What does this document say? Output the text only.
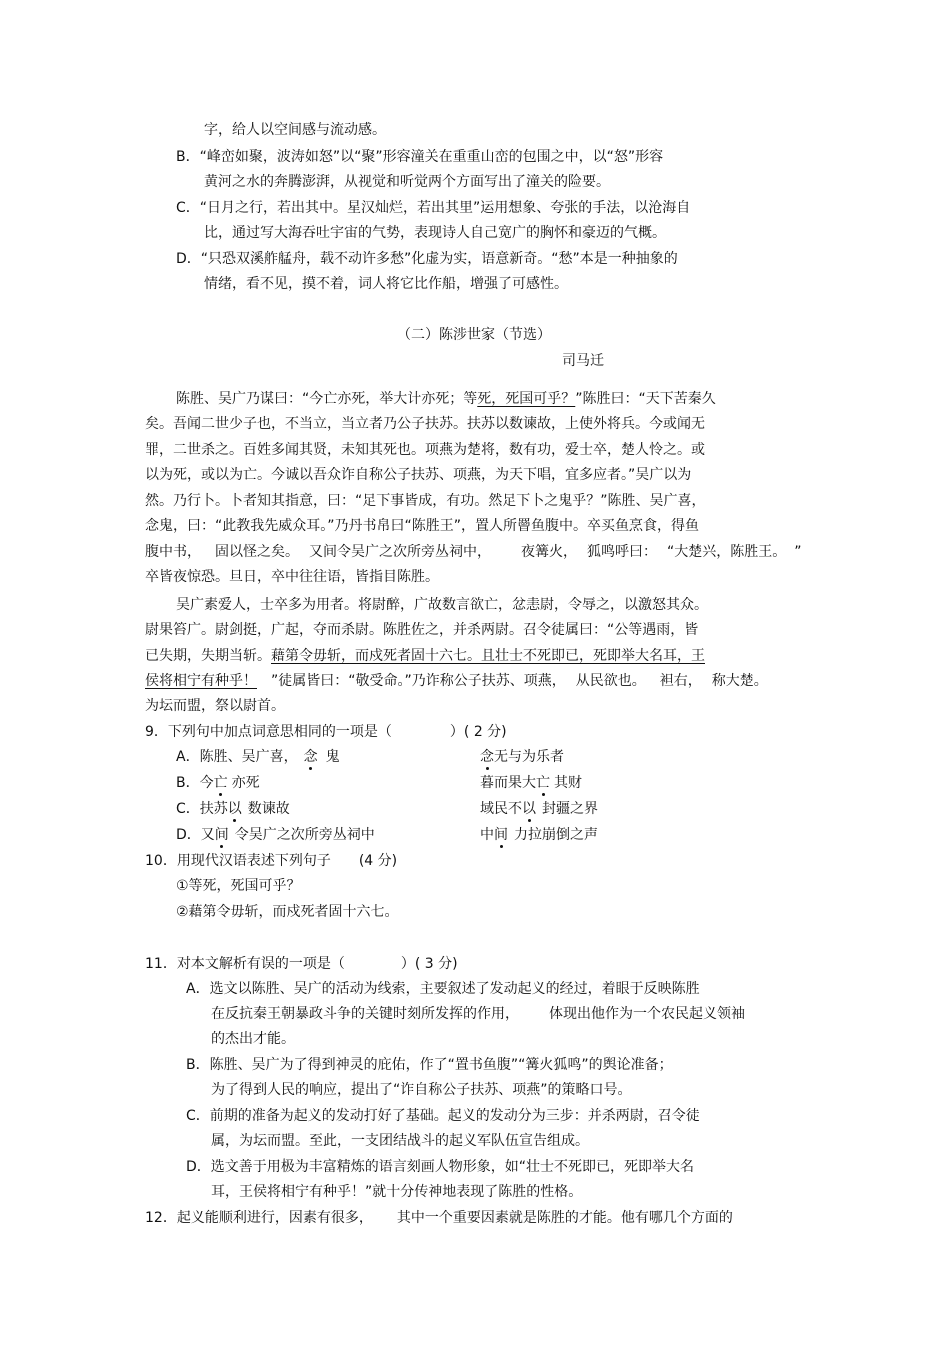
字，给人以空间感与流动感。
B．“峰峦如聚，波涛如怒”以“聚”形容潼关在重重山峦的包围之中，以“怒”形容
黄河之水的奔腾澎湃，从视觉和听觉两个方面写出了潼关的险要。
C．“日月之行，若出其中。星汉灿烂，若出其里”运用想象、夸张的手法，以沧海自
比，通过写大海吞吐宇宙的气势，表现诗人自己宽广的胸怀和豪迈的气概。
D．“只恐双溪舴艋舟，载不动许多愁”化虚为实，语意新奇。“愁”本是一种抽象的
情绪，看不见，摸不着，词人将它比作船，增强了可感性。
（二）陈涉世家（节选）
司马迁
陈胜、吴广乃谋曰：“今亡亦死，举大计亦死；等死，死国可乎？”陈胜曰：“天下苦秦久
矣。吾闻二世少子也，不当立，当立者乃公子扶苏。扶苏以数谏故，上使外将兵。今或闻无
罪，二世杀之。百姓多闻其贤，未知其死也。项燕为楚将，数有功，爱士卒，楚人怜之。或
以为死，或以为亡。今诚以吾众诈自称公子扶苏、项燕，为天下唱，宜多应者。”吴广以为
然。乃行卜。卜者知其指意，曰：“足下事皆成，有功。然足下卜之鬼乎？”陈胜、吴广喜，
念鬼，曰：“此教我先威众耳。”乃丹书帛曰“陈胜王”，置人所罾鱼腹中。卒买鱼烹食，得鱼
腹中书， 固以怪之矣。 又间令吴广之次所旁丛祠中， 夜篝火， 狐鸣呼曰： “大楚兴，陈胜王。 ”
卒皆夜惊恐。旦日，卒中往往语，皆指目陈胜。
吴广素爱人，士卒多为用者。将尉醉，广故数言欲亡，忿恚尉，令辱之，以激怒其众。
尉果笞广。尉剑挺，广起，夺而杀尉。陈胜佐之，并杀两尉。召令徒属曰：“公等遇雨，皆
已失期，失期当斩。藉第令毋斩，而戍死者固十六七。且壮士不死即已，死即举大名耳，王
侯将相宁有种乎！ ”徒属皆曰：“敬受命。”乃诈称公子扶苏、项燕， 从民欲也。 袒右， 称大楚。
为坛而盟，祭以尉首。
9．下列句中加点词意思相同的一项是（	）( 2 分)
A．陈胜、吴广喜， 念 鬼	念无与为乐者
B．今亡 亦死	暮而果大亡 其财
C．扶苏以 数谏故	域民不以 封疆之界
D．又间 令吴广之次所旁丛祠中	中间 力拉崩倒之声
10．用现代汉语表述下列句子 (4 分)
①等死，死国可乎？
②藉第令毋斩，而戍死者固十六七。
11．对本文解析有误的一项是（	）( 3 分)
A．选文以陈胜、吴广的活动为线索，主要叙述了发动起义的经过，着眼于反映陈胜
在反抗秦王朝暴政斗争的关键时刻所发挥的作用， 体现出他作为一个农民起义领袖
的杰出才能。
B．陈胜、吴广为了得到神灵的庇佑，作了“置书鱼腹”“篝火狐鸣”的舆论准备；
为了得到人民的响应，提出了“诈自称公子扶苏、项燕”的策略口号。
C．前期的准备为起义的发动打好了基础。起义的发动分为三步：并杀两尉，召令徒
属，为坛而盟。至此，一支团结战斗的起义军队伍宣告组成。
D．选文善于用极为丰富精炼的语言刻画人物形象，如“壮士不死即已，死即举大名
耳，王侯将相宁有种乎！”就十分传神地表现了陈胜的性格。
12．起义能顺利进行，因素有很多， 其中一个重要因素就是陈胜的才能。他有哪几个方面的
